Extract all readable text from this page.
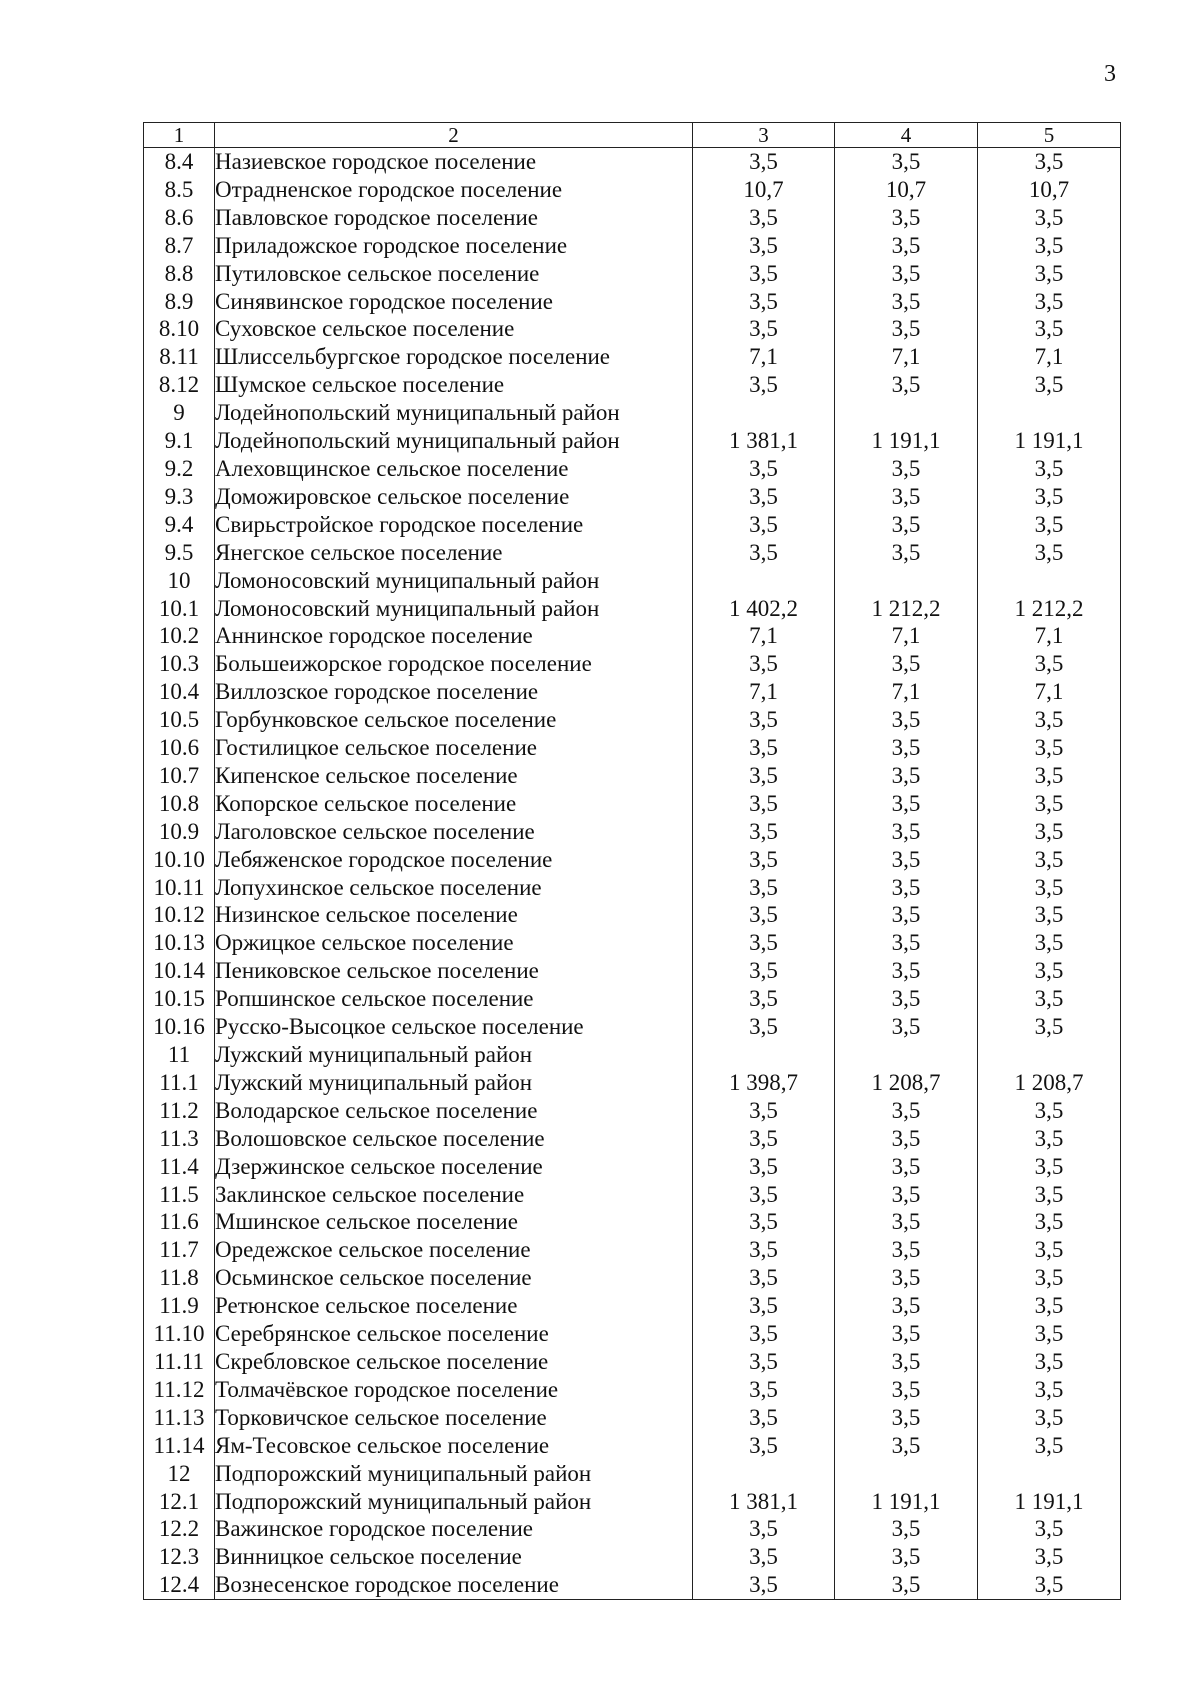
3
1	2	3	4	5
8.4	Назиевское городское поселение	3,5	3,5	3,5
8.5	Отрадненское городское поселение	10,7	10,7	10,7
8.6	Павловское городское поселение	3,5	3,5	3,5
8.7	Приладожское городское поселение	3,5	3,5	3,5
8.8	Путиловское сельское поселение	3,5	3,5	3,5
8.9	Синявинское городское поселение	3,5	3,5	3,5
8.10	Суховское сельское поселение	3,5	3,5	3,5
8.11	Шлиссельбургское городское поселение	7,1	7,1	7,1
8.12	Шумское сельское поселение	3,5	3,5	3,5
9	Лодейнопольский муниципальный район			
9.1	Лодейнопольский муниципальный район	1 381,1	1 191,1	1 191,1
9.2	Алеховщинское сельское поселение	3,5	3,5	3,5
9.3	Доможировское сельское поселение	3,5	3,5	3,5
9.4	Свирьстройское городское поселение	3,5	3,5	3,5
9.5	Янегское сельское поселение	3,5	3,5	3,5
10	Ломоносовский муниципальный район			
10.1	Ломоносовский муниципальный район	1 402,2	1 212,2	1 212,2
10.2	Аннинское городское поселение	7,1	7,1	7,1
10.3	Большеижорское городское поселение	3,5	3,5	3,5
10.4	Виллозское городское поселение	7,1	7,1	7,1
10.5	Горбунковское сельское поселение	3,5	3,5	3,5
10.6	Гостилицкое сельское поселение	3,5	3,5	3,5
10.7	Кипенское сельское поселение	3,5	3,5	3,5
10.8	Копорское сельское поселение	3,5	3,5	3,5
10.9	Лаголовское сельское поселение	3,5	3,5	3,5
10.10	Лебяженское городское поселение	3,5	3,5	3,5
10.11	Лопухинское сельское поселение	3,5	3,5	3,5
10.12	Низинское сельское поселение	3,5	3,5	3,5
10.13	Оржицкое сельское поселение	3,5	3,5	3,5
10.14	Пениковское сельское поселение	3,5	3,5	3,5
10.15	Ропшинское сельское поселение	3,5	3,5	3,5
10.16	Русско-Высоцкое сельское поселение	3,5	3,5	3,5
11	Лужский муниципальный район			
11.1	Лужский муниципальный район	1 398,7	1 208,7	1 208,7
11.2	Володарское сельское поселение	3,5	3,5	3,5
11.3	Волошовское сельское поселение	3,5	3,5	3,5
11.4	Дзержинское сельское поселение	3,5	3,5	3,5
11.5	Заклинское сельское поселение	3,5	3,5	3,5
11.6	Мшинское сельское поселение	3,5	3,5	3,5
11.7	Оредежское сельское поселение	3,5	3,5	3,5
11.8	Осьминское сельское поселение	3,5	3,5	3,5
11.9	Ретюнское сельское поселение	3,5	3,5	3,5
11.10	Серебрянское сельское поселение	3,5	3,5	3,5
11.11	Скребловское сельское поселение	3,5	3,5	3,5
11.12	Толмачёвское городское поселение	3,5	3,5	3,5
11.13	Торковичское сельское поселение	3,5	3,5	3,5
11.14	Ям-Тесовское сельское поселение	3,5	3,5	3,5
12	Подпорожский муниципальный район			
12.1	Подпорожский муниципальный район	1 381,1	1 191,1	1 191,1
12.2	Важинское городское поселение	3,5	3,5	3,5
12.3	Винницкое сельское поселение	3,5	3,5	3,5
12.4	Вознесенское городское поселение	3,5	3,5	3,5
